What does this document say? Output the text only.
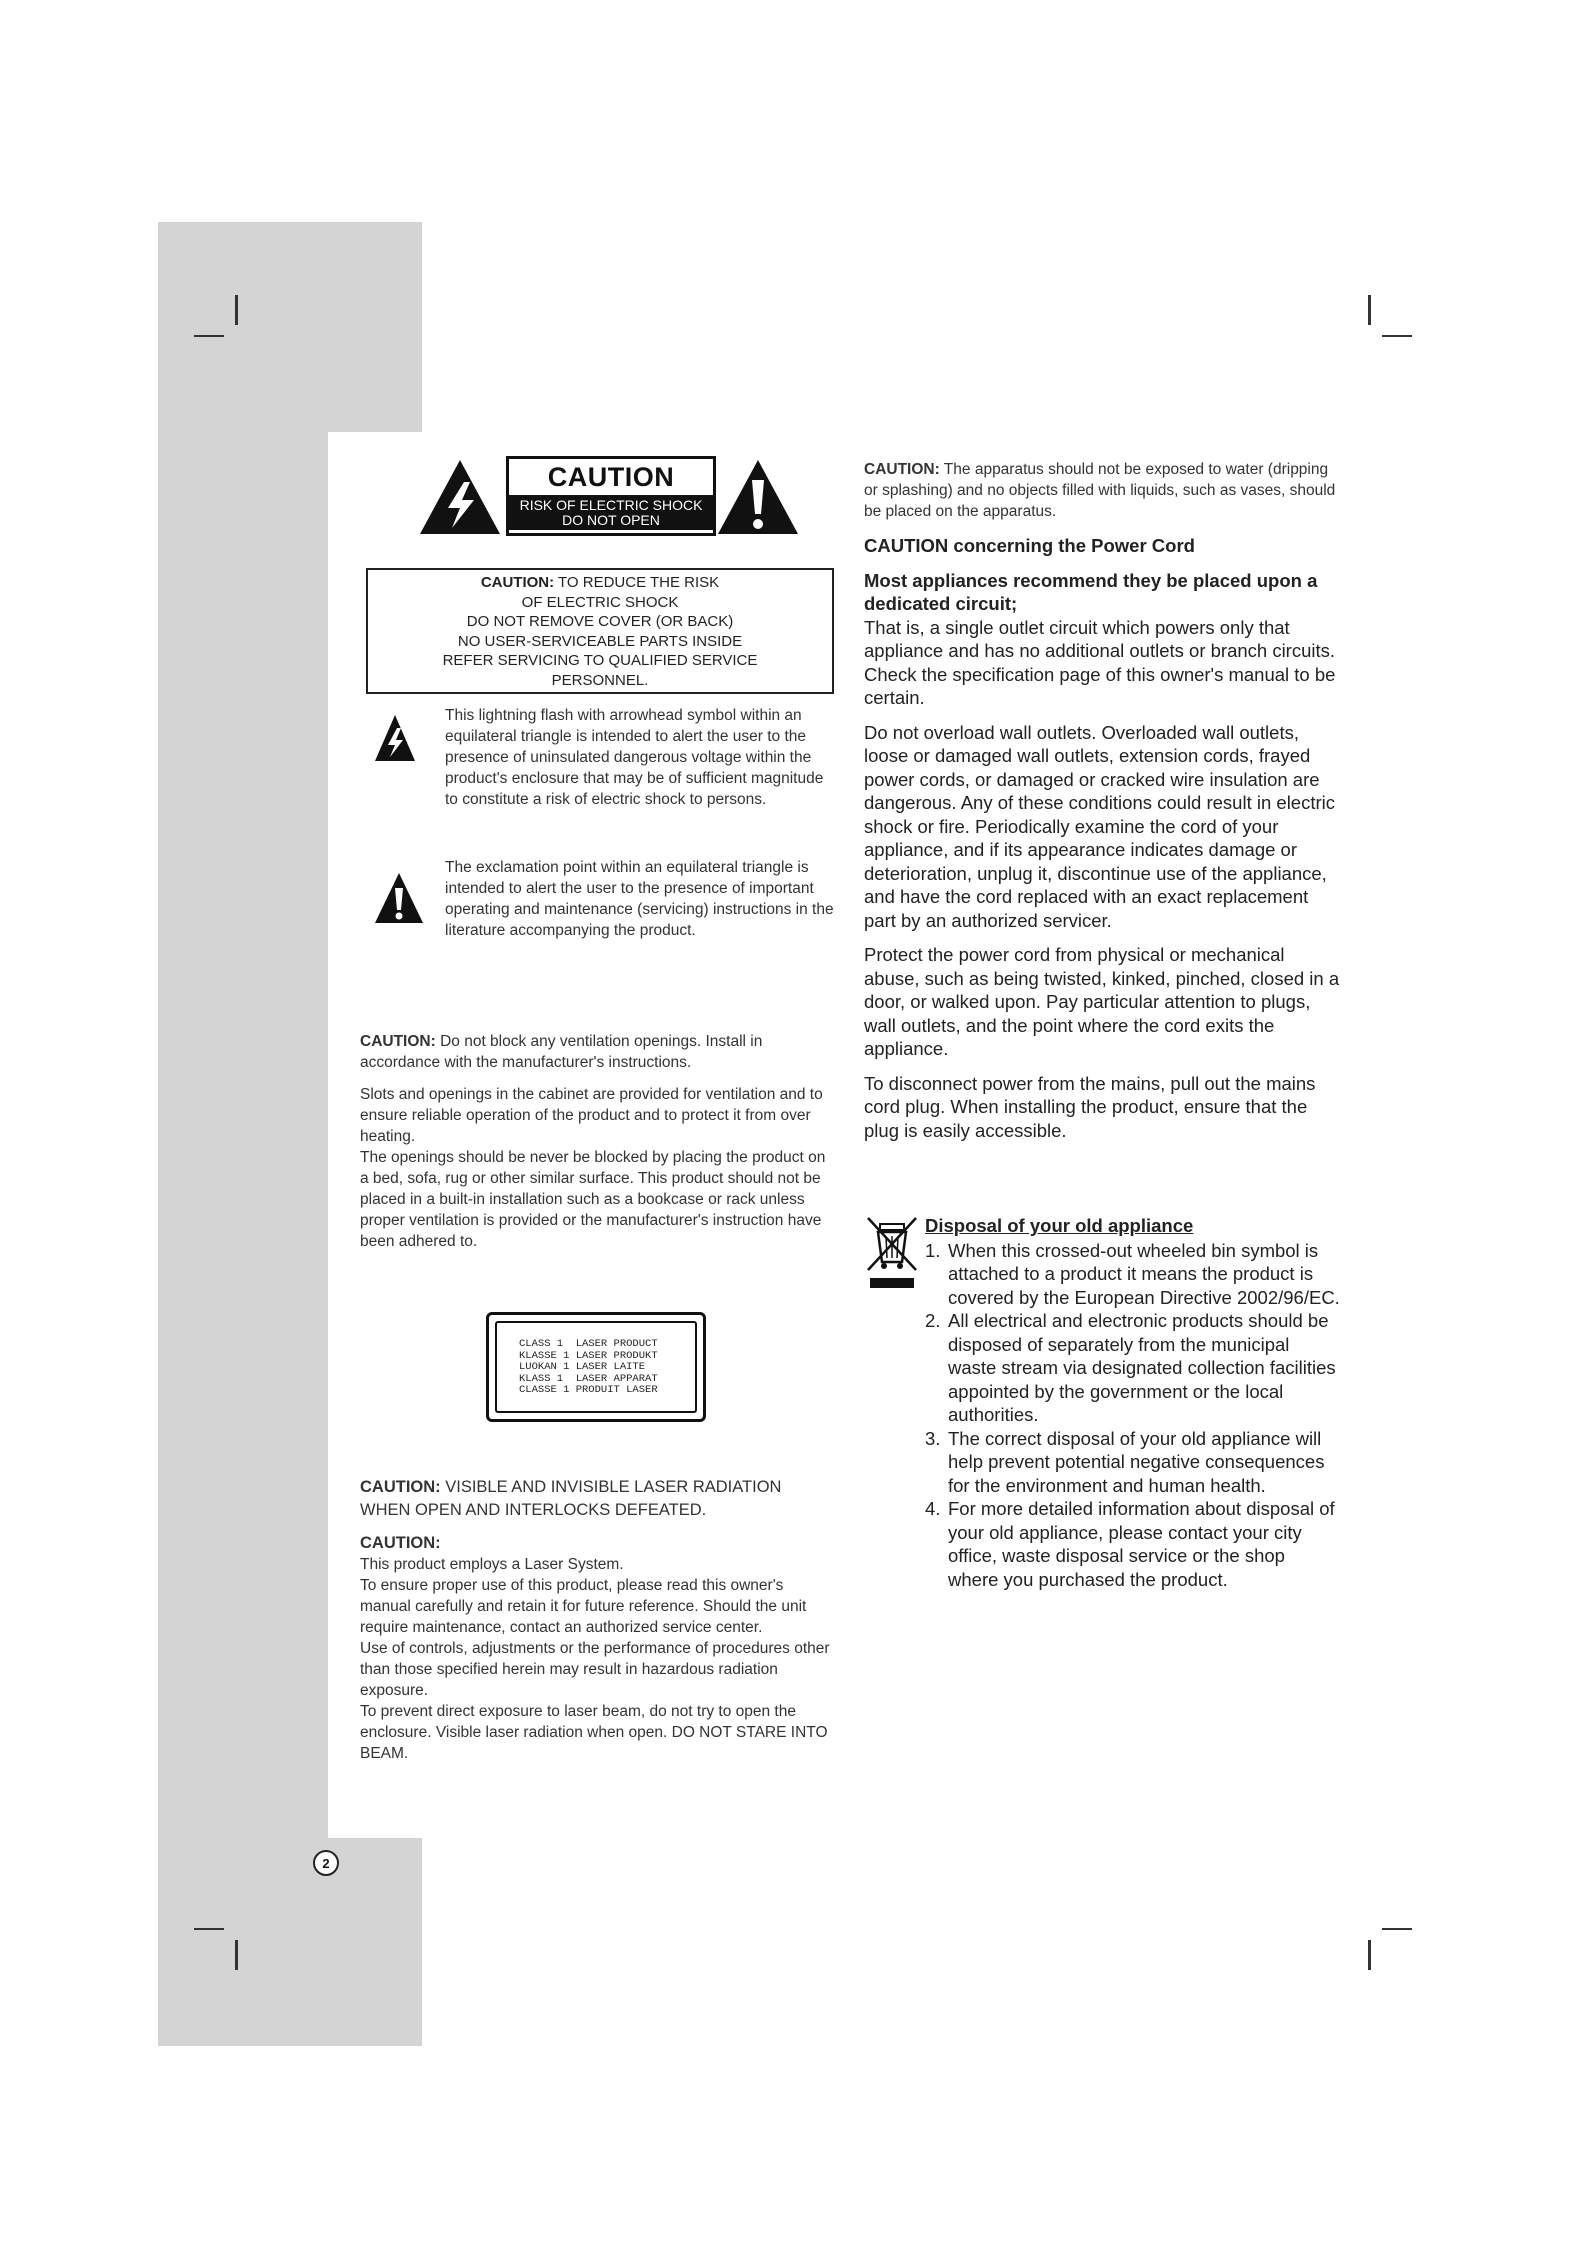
CAUTION
RISK OF ELECTRIC SHOCK
DO NOT OPEN
CAUTION: TO REDUCE THE RISK
OF ELECTRIC SHOCK
DO NOT REMOVE COVER (OR BACK)
NO USER-SERVICEABLE PARTS INSIDE
REFER SERVICING TO QUALIFIED SERVICE
PERSONNEL.
This lightning flash with arrowhead symbol within an equilateral triangle is intended to alert the user to the presence of uninsulated dangerous voltage within the product's enclosure that may be of sufficient magnitude to constitute a risk of electric shock to persons.
The exclamation point within an equilateral triangle is intended to alert the user to the presence of important operating and maintenance (servicing) instructions in the literature accompanying the product.

CAUTION: Do not block any ventilation openings. Install in accordance with the manufacturer's instructions.

Slots and openings in the cabinet are provided for ventilation and to ensure reliable operation of the product and to protect it from over heating.

The openings should be never be blocked by placing the product on a bed, sofa, rug or other similar surface. This product should not be placed in a built-in installation such as a bookcase or rack unless proper ventilation is provided or the manufacturer's instruction have been adhered to.

CLASS 1  LASER PRODUCT
KLASSE 1 LASER PRODUKT
LUOKAN 1 LASER LAITE
KLASS 1  LASER APPARAT
CLASSE 1 PRODUIT LASER

CAUTION: VISIBLE AND INVISIBLE LASER RADIATION WHEN OPEN AND INTERLOCKS DEFEATED.

CAUTION:

This product employs a Laser System.

To ensure proper use of this product, please read this owner's manual carefully and retain it for future reference. Should the unit require maintenance, contact an authorized service center.

Use of controls, adjustments or the performance of procedures other than those specified herein may result in hazardous radiation exposure.

To prevent direct exposure to laser beam, do not try to open the enclosure. Visible laser radiation when open. DO NOT STARE INTO BEAM.

CAUTION: The apparatus should not be exposed to water (dripping or splashing) and no objects filled with liquids, such as vases, should be placed on the apparatus.

CAUTION concerning the Power Cord

Most appliances recommend they be placed upon a dedicated circuit;

That is, a single outlet circuit which powers only that appliance and has no additional outlets or branch circuits. Check the specification page of this owner's manual to be certain.

Do not overload wall outlets. Overloaded wall outlets, loose or damaged wall outlets, extension cords, frayed power cords, or damaged or cracked wire insulation are dangerous. Any of these conditions could result in electric shock or fire. Periodically examine the cord of your appliance, and if its appearance indicates damage or deterioration, unplug it, discontinue use of the appliance, and have the cord replaced with an exact replacement part by an authorized servicer.

Protect the power cord from physical or mechanical abuse, such as being twisted, kinked, pinched, closed in a door, or walked upon. Pay particular attention to plugs, wall outlets, and the point where the cord exits the appliance.

To disconnect power from the mains, pull out the mains cord plug. When installing the product, ensure that the plug is easily accessible.

Disposal of your old appliance

1. When this crossed-out wheeled bin symbol is attached to a product it means the product is covered by the European Directive 2002/96/EC.
2. All electrical and electronic products should be disposed of separately from the municipal waste stream via designated collection facilities appointed by the government or the local authorities.
3. The correct disposal of your old appliance will help prevent potential negative consequences for the environment and human health.
4. For more detailed information about disposal of your old appliance, please contact your city office, waste disposal service or the shop where you purchased the product.
2
